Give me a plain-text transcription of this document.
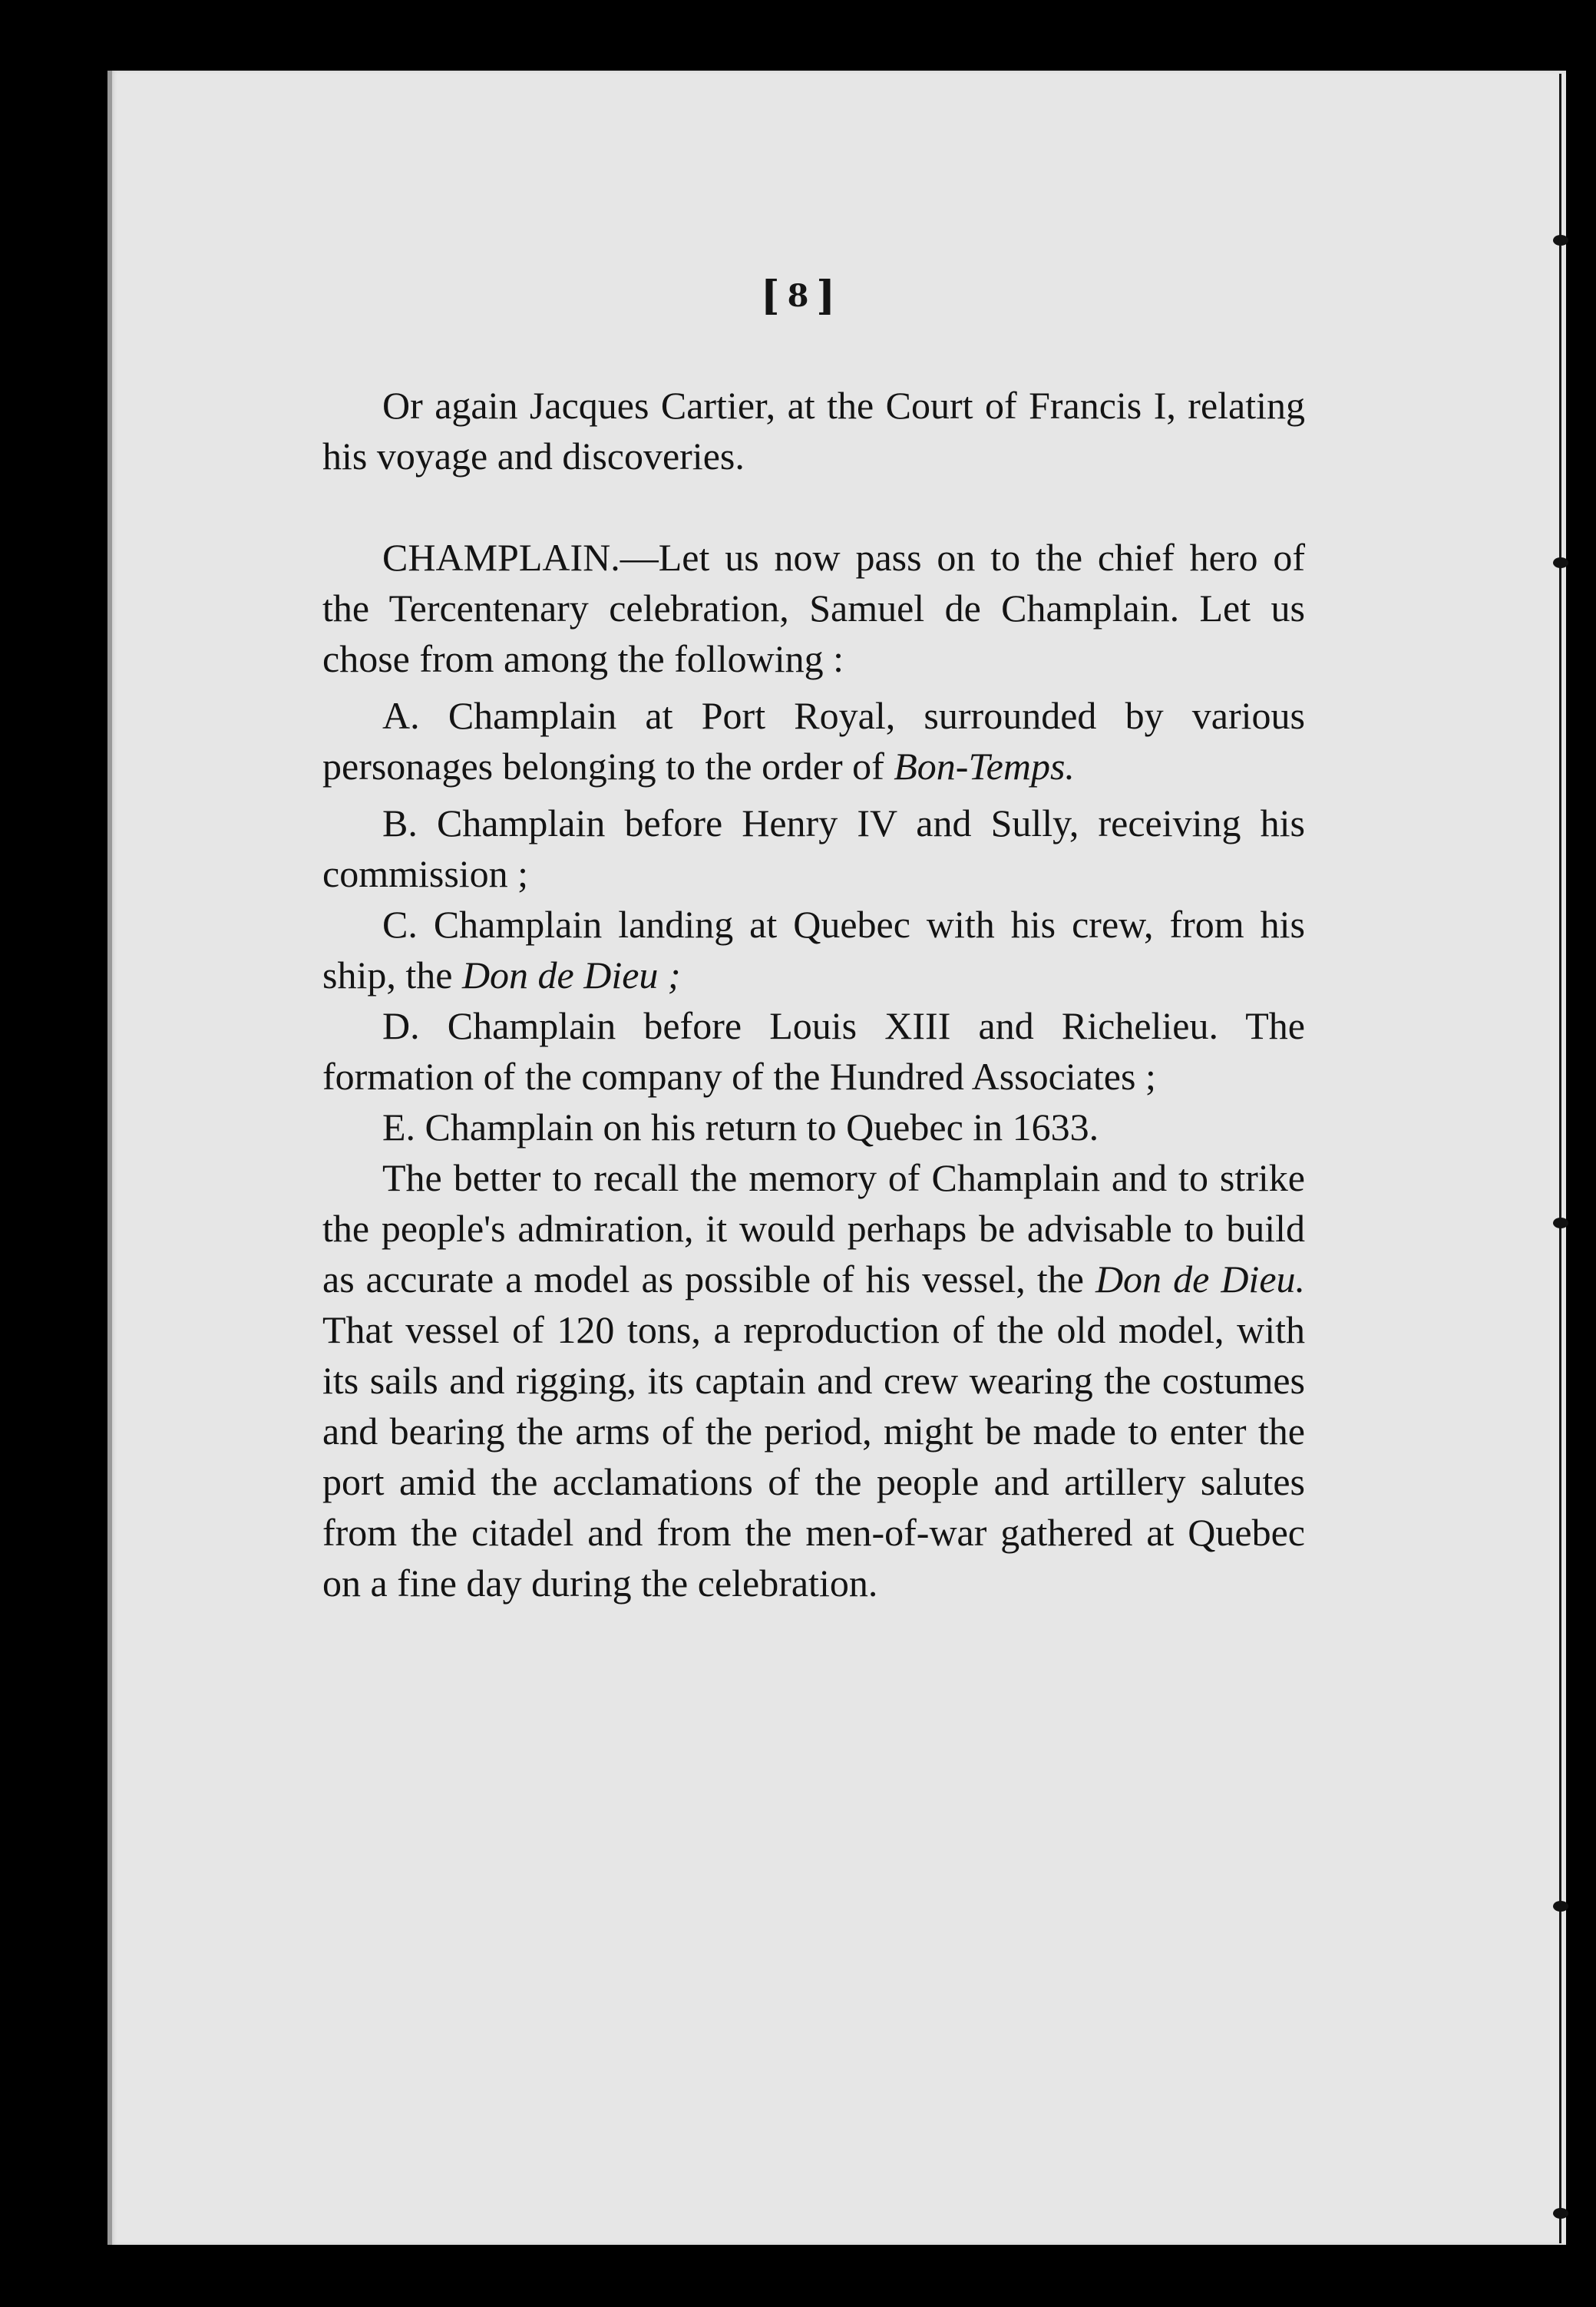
[ 8 ]

Or again Jacques Cartier, at the Court of Francis I, relating his voyage and discoveries.

CHAMPLAIN.—Let us now pass on to the chief hero of the Tercentenary celebration, Samuel de Champlain. Let us chose from among the following :

A. Champlain at Port Royal, surrounded by various personages belonging to the order of Bon-Temps.

B. Champlain before Henry IV and Sully, receiving his commission ;

C. Champlain landing at Quebec with his crew, from his ship, the Don de Dieu ;

D. Champlain before Louis XIII and Richelieu. The formation of the company of the Hundred Associates ;

E. Champlain on his return to Quebec in 1633.

The better to recall the memory of Champlain and to strike the people's admiration, it would perhaps be advisable to build as accurate a model as possible of his vessel, the Don de Dieu. That vessel of 120 tons, a reproduction of the old model, with its sails and rigging, its captain and crew wearing the costumes and bearing the arms of the period, might be made to enter the port amid the acclamations of the people and artillery salutes from the citadel and from the men-of-war gathered at Quebec on a fine day during the celebration.
